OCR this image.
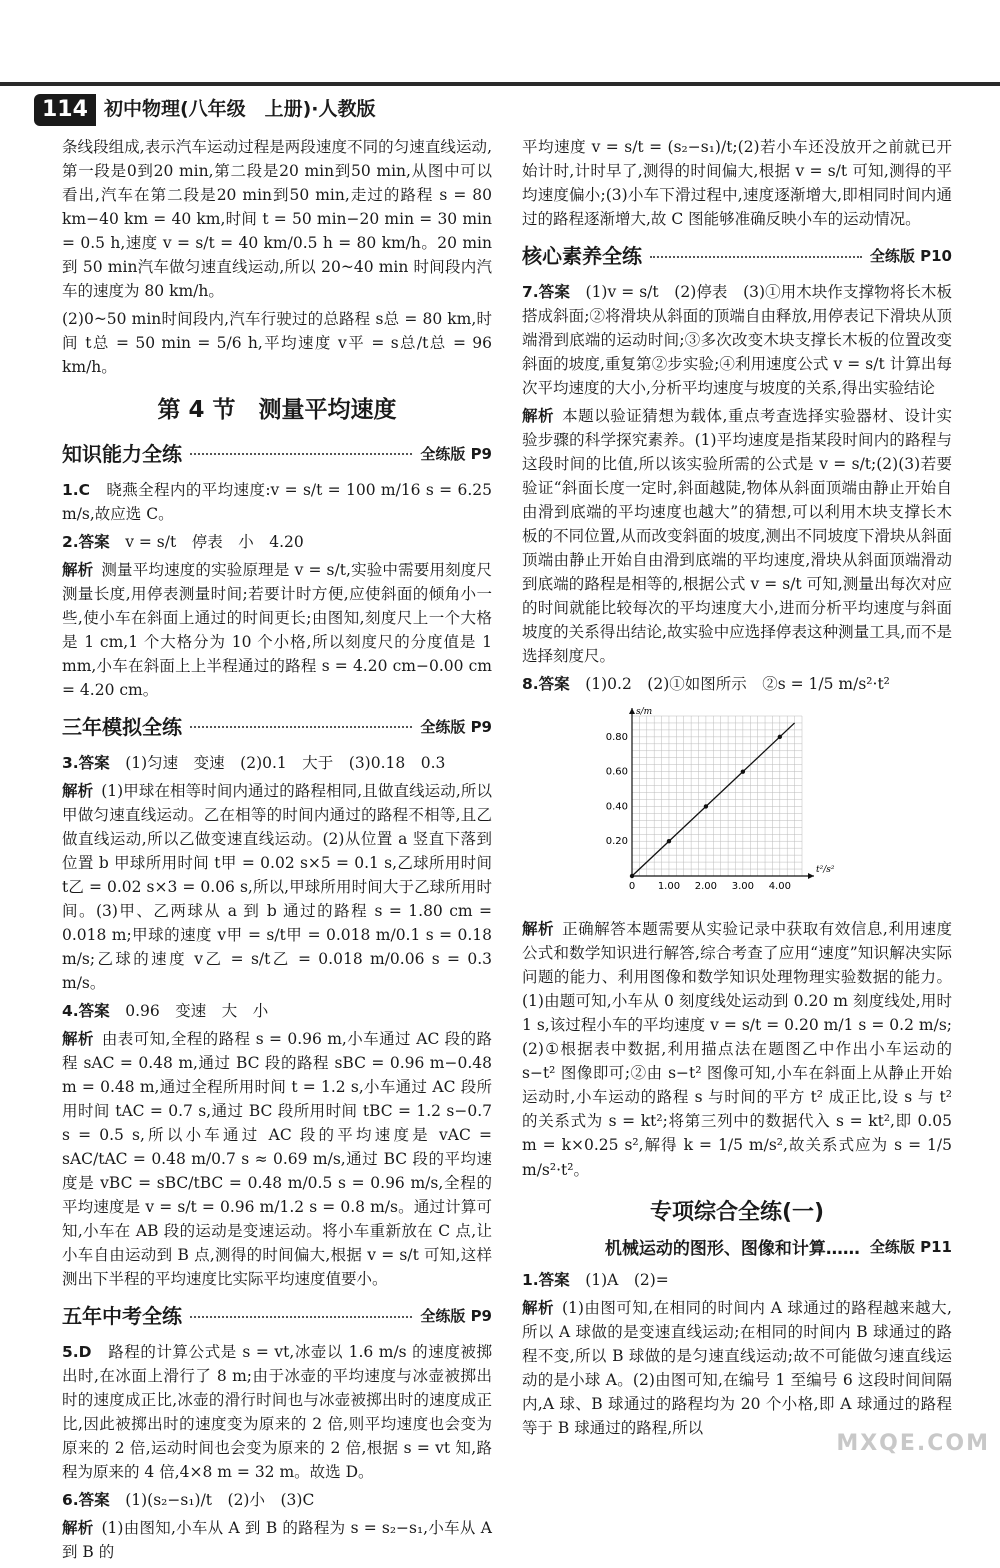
114 初中物理(八年级　上册)·人教版

条线段组成,表示汽车运动过程是两段速度不同的匀速直线运动,第一段是0到20 min,第二段是20 min到50 min,从图中可以看出,汽车在第二段是20 min到50 min,走过的路程 s = 80 km−40 km = 40 km,时间 t = 50 min−20 min = 30 min = 0.5 h,速度 v = s/t = 40 km/0.5 h = 80 km/h。20 min 到 50 min汽车做匀速直线运动,所以 20~40 min 时间段内汽车的速度为 80 km/h。

(2)0~50 min时间段内,汽车行驶过的总路程 s总 = 80 km,时间 t总 = 50 min = 5/6 h,平均速度 v平 = s总/t总 = 96 km/h。

第 4 节　测量平均速度
知识能力全练	全练版 P9

1.C　 晓燕全程内的平均速度:v = s/t = 100 m/16 s = 6.25 m/s,故应选 C。

2.答案　 v = s/t　停表　小　4.20

解析 测量平均速度的实验原理是 v = s/t,实验中需要用刻度尺测量长度,用停表测量时间;若要计时方便,应使斜面的倾角小一些,使小车在斜面上通过的时间更长;由图知,刻度尺上一个大格是 1 cm,1 个大格分为 10 个小格,所以刻度尺的分度值是 1 mm,小车在斜面上上半程通过的路程 s = 4.20 cm−0.00 cm = 4.20 cm。

三年模拟全练	全练版 P9

3.答案　 (1)匀速　变速　(2)0.1　大于　(3)0.18　0.3

解析 (1)甲球在相等时间内通过的路程相同,且做直线运动,所以甲做匀速直线运动。乙在相等的时间内通过的路程不相等,且乙做直线运动,所以乙做变速直线运动。(2)从位置 a 竖直下落到位置 b 甲球所用时间 t甲 = 0.02 s×5 = 0.1 s,乙球所用时间 t乙 = 0.02 s×3 = 0.06 s,所以,甲球所用时间大于乙球所用时间。(3)甲、乙两球从 a 到 b 通过的路程 s = 1.80 cm = 0.018 m;甲球的速度 v甲 = s/t甲 = 0.018 m/0.1 s = 0.18 m/s;乙球的速度 v乙 = s/t乙 = 0.018 m/0.06 s = 0.3 m/s。

4.答案　 0.96　变速　大　小

解析 由表可知,全程的路程 s = 0.96 m,小车通过 AC 段的路程 sAC = 0.48 m,通过 BC 段的路程 sBC = 0.96 m−0.48 m = 0.48 m,通过全程所用时间 t = 1.2 s,小车通过 AC 段所用时间 tAC = 0.7 s,通过 BC 段所用时间 tBC = 1.2 s−0.7 s = 0.5 s,所以小车通过 AC 段的平均速度是 vAC = sAC/tAC = 0.48 m/0.7 s ≈ 0.69 m/s,通过 BC 段的平均速度是 vBC = sBC/tBC = 0.48 m/0.5 s = 0.96 m/s,全程的平均速度是 v = s/t = 0.96 m/1.2 s = 0.8 m/s。通过计算可知,小车在 AB 段的运动是变速运动。将小车重新放在 C 点,让小车自由运动到 B 点,测得的时间偏大,根据 v = s/t 可知,这样测出下半程的平均速度比实际平均速度值要小。

五年中考全练	全练版 P9

5.D　 路程的计算公式是 s = vt,冰壶以 1.6 m/s 的速度被掷出时,在冰面上滑行了 8 m;由于冰壶的平均速度与冰壶被掷出时的速度成正比,冰壶的滑行时间也与冰壶被掷出时的速度成正比,因此被掷出时的速度变为原来的 2 倍,则平均速度也会变为原来的 2 倍,运动时间也会变为原来的 2 倍,根据 s = vt 知,路程为原来的 4 倍,4×8 m = 32 m。故选 D。

6.答案　 (1)(s₂−s₁)/t　(2)小　(3)C

解析 (1)由图知,小车从 A 到 B 的路程为 s = s₂−s₁,小车从 A 到 B 的

平均速度 v = s/t = (s₂−s₁)/t;(2)若小车还没放开之前就已开始计时,计时早了,测得的时间偏大,根据 v = s/t 可知,测得的平均速度偏小;(3)小车下滑过程中,速度逐渐增大,即相同时间内通过的路程逐渐增大,故 C 图能够准确反映小车的运动情况。

核心素养全练	全练版 P10

7.答案　 (1)v = s/t　(2)停表　(3)①用木块作支撑物将长木板搭成斜面;②将滑块从斜面的顶端自由释放,用停表记下滑块从顶端滑到底端的运动时间;③多次改变木块支撑长木板的位置改变斜面的坡度,重复第②步实验;④利用速度公式 v = s/t 计算出每次平均速度的大小,分析平均速度与坡度的关系,得出实验结论

解析 本题以验证猜想为载体,重点考查选择实验器材、设计实验步骤的科学探究素养。(1)平均速度是指某段时间内的路程与这段时间的比值,所以该实验所需的公式是 v = s/t;(2)(3)若要验证“斜面长度一定时,斜面越陡,物体从斜面顶端由静止开始自由滑到底端的平均速度也越大”的猜想,可以利用木块支撑长木板的不同位置,从而改变斜面的坡度,测出不同坡度下滑块从斜面顶端由静止开始自由滑到底端的平均速度,滑块从斜面顶端滑动到底端的路程是相等的,根据公式 v = s/t 可知,测量出每次对应的时间就能比较每次的平均速度大小,进而分析平均速度与斜面坡度的关系得出结论,故实验中应选择停表这种测量工具,而不是选择刻度尺。

8.答案　 (1)0.2　(2)①如图所示　②s = 1/5 m/s²·t²

0 1.00 2.00 3.00 4.00
0.20
0.40
0.60
0.80
t²/s²
s/m

解析 正确解答本题需要从实验记录中获取有效信息,利用速度公式和数学知识进行解答,综合考查了应用“速度”知识解决实际问题的能力、利用图像和数学知识处理物理实验数据的能力。(1)由题可知,小车从 0 刻度线处运动到 0.20 m 刻度线处,用时 1 s,该过程小车的平均速度 v = s/t = 0.20 m/1 s = 0.2 m/s;(2)①根据表中数据,利用描点法在题图乙中作出小车运动的 s−t² 图像即可;②由 s−t² 图像可知,小车在斜面上从静止开始运动时,小车运动的路程 s 与时间的平方 t² 成正比,设 s 与 t² 的关系式为 s = kt²;将第三列中的数据代入 s = kt²,即 0.05 m = k×0.25 s²,解得 k = 1/5 m/s²,故关系式应为 s = 1/5 m/s²·t²。

专项综合全练(一)
机械运动的图形、图像和计算…… 全练版 P11

1.答案　 (1)A　(2)=

解析 (1)由图可知,在相同的时间内 A 球通过的路程越来越大,所以 A 球做的是变速直线运动;在相同的时间内 B 球通过的路程不变,所以 B 球做的是匀速直线运动;故不可能做匀速直线运动的是小球 A。(2)由图可知,在编号 1 至编号 6 这段时间间隔内,A 球、B 球通过的路程均为 20 个小格,即 A 球通过的路程等于 B 球通过的路程,所以

MXQE.COM
